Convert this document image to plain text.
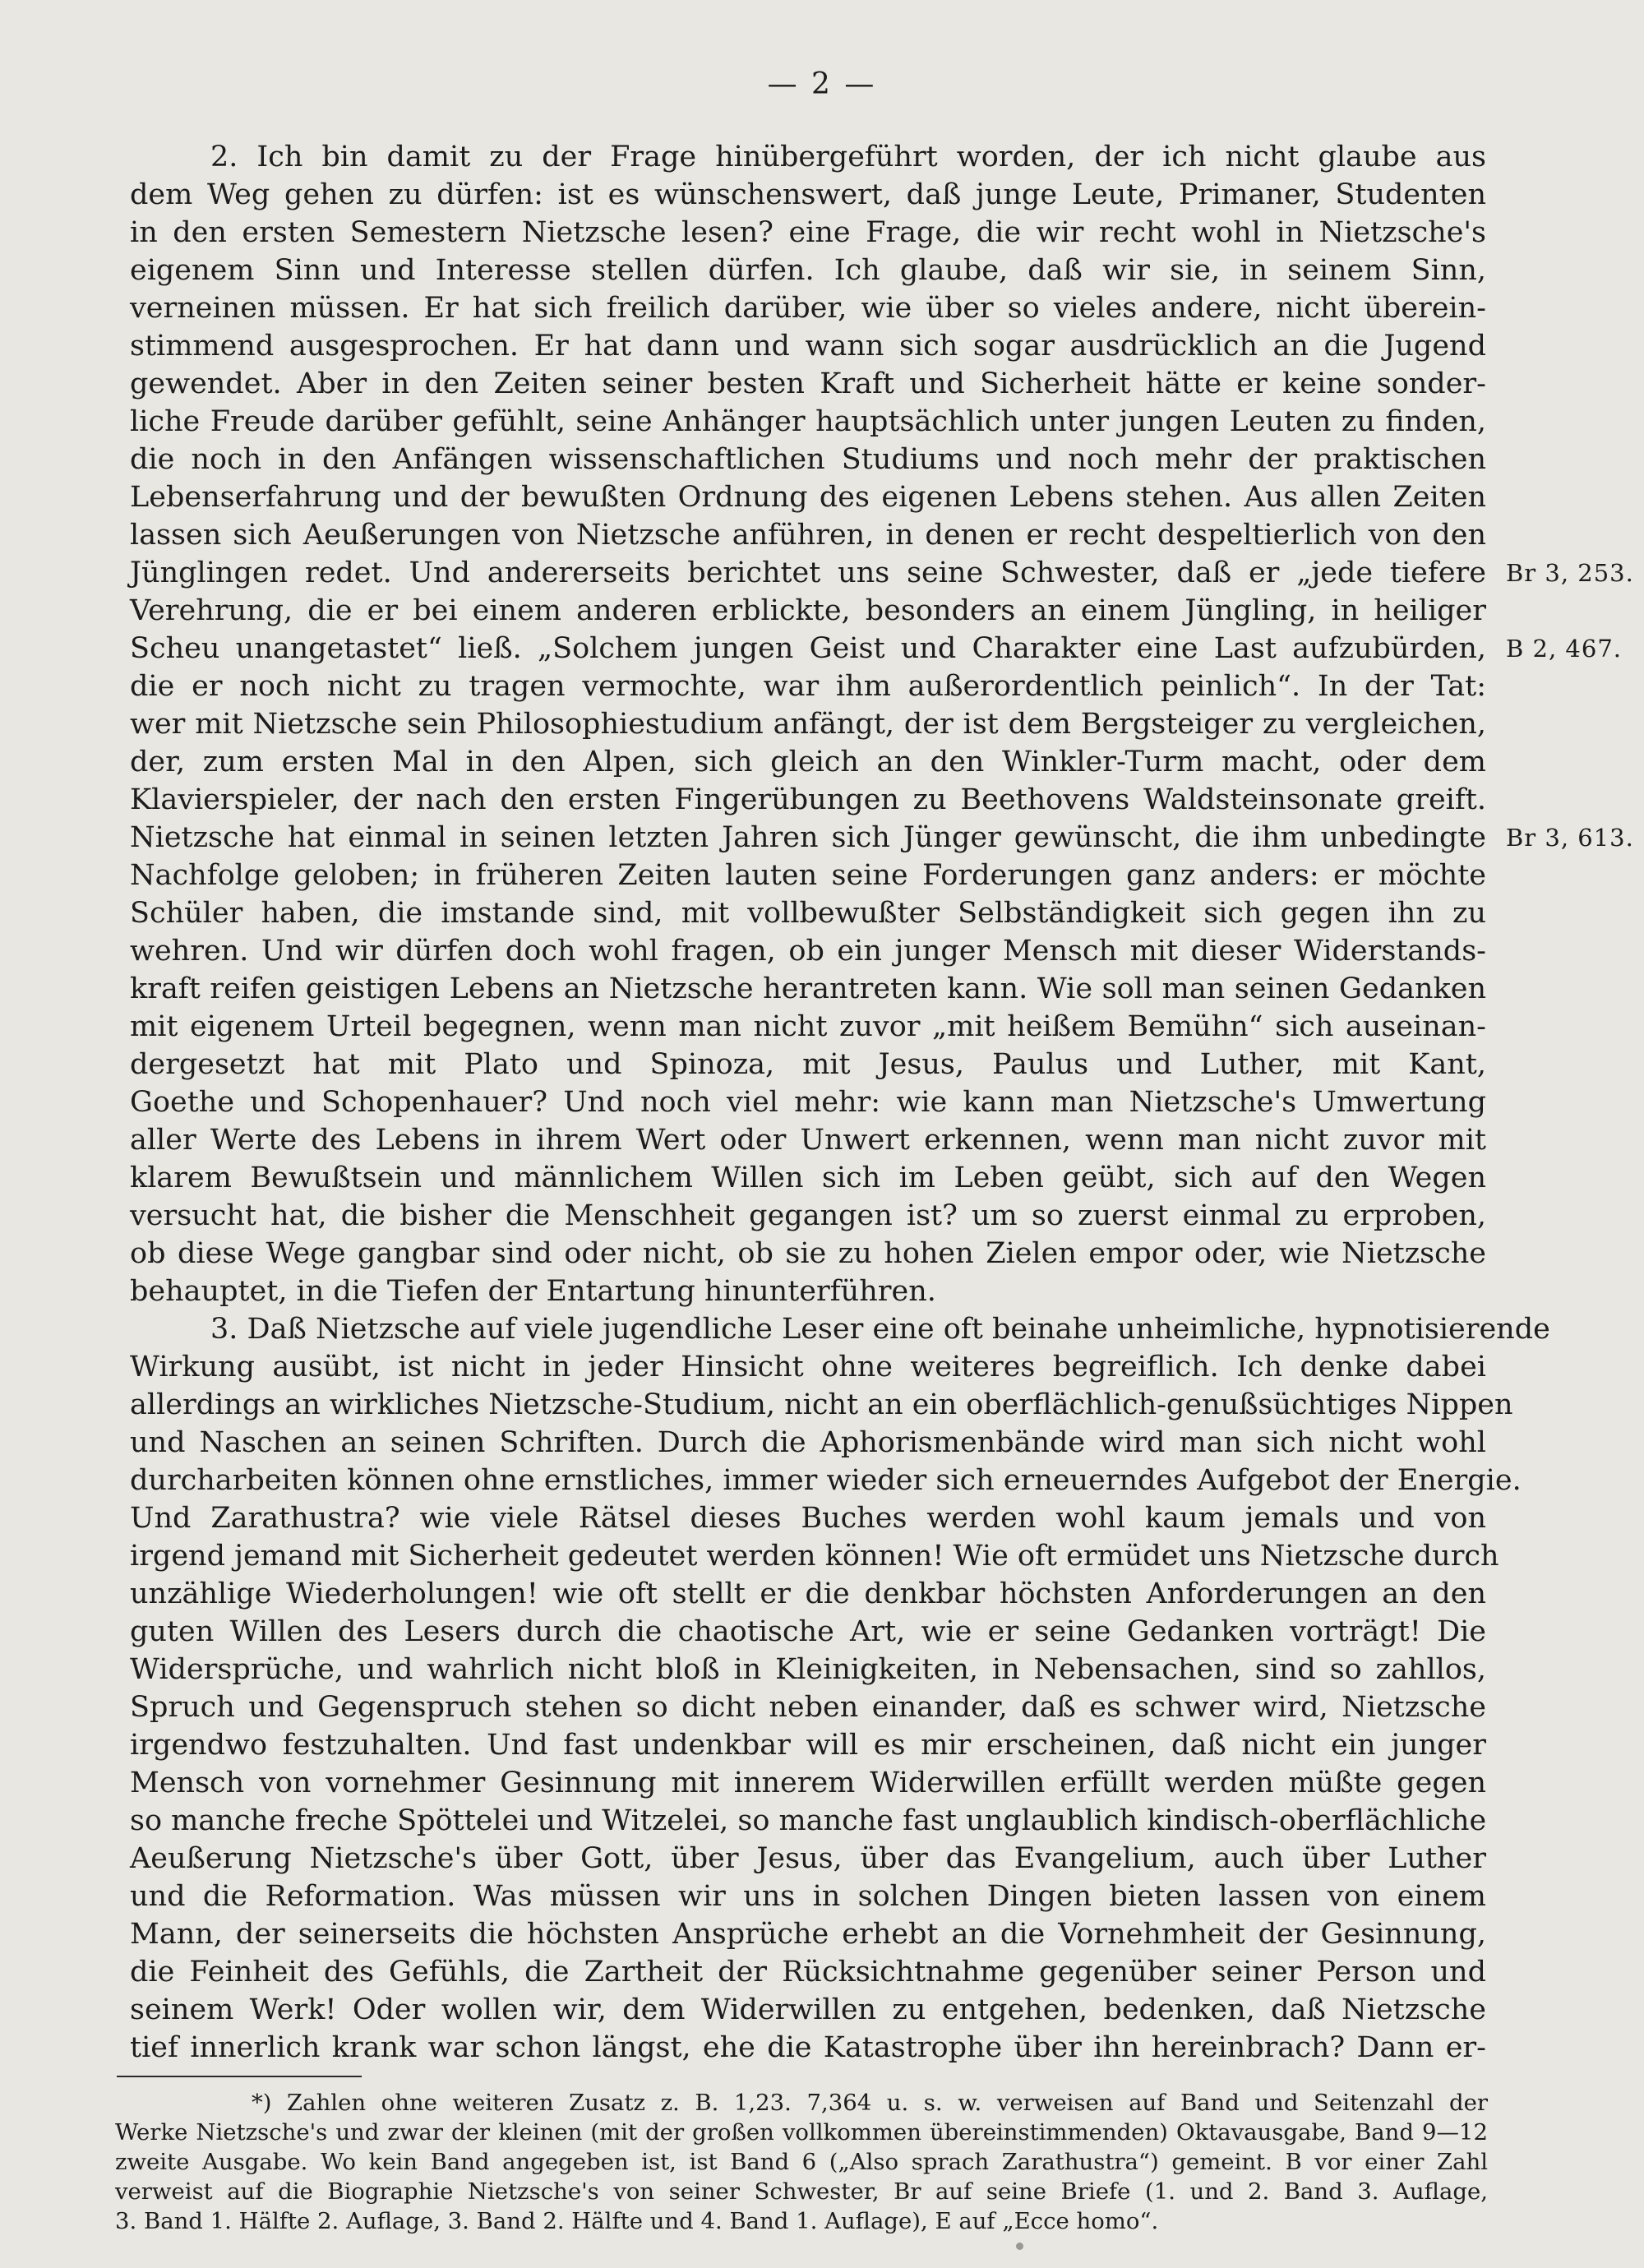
— 2 —
2. Ich bin damit zu der Frage hinübergeführt worden, der ich nicht glaube aus
dem Weg gehen zu dürfen: ist es wünschenswert, daß junge Leute, Primaner, Studenten
in den ersten Semestern Nietzsche lesen? eine Frage, die wir recht wohl in Nietzsche's
eigenem Sinn und Interesse stellen dürfen. Ich glaube, daß wir sie, in seinem Sinn,
verneinen müssen. Er hat sich freilich darüber, wie über so vieles andere, nicht überein-
stimmend ausgesprochen. Er hat dann und wann sich sogar ausdrücklich an die Jugend
gewendet. Aber in den Zeiten seiner besten Kraft und Sicherheit hätte er keine sonder-
liche Freude darüber gefühlt, seine Anhänger hauptsächlich unter jungen Leuten zu finden,
die noch in den Anfängen wissenschaftlichen Studiums und noch mehr der praktischen
Lebenserfahrung und der bewußten Ordnung des eigenen Lebens stehen. Aus allen Zeiten
lassen sich Aeußerungen von Nietzsche anführen, in denen er recht despeltierlich von den
Jünglingen redet. Und andererseits berichtet uns seine Schwester, daß er „jede tiefere
Verehrung, die er bei einem anderen erblickte, besonders an einem Jüngling, in heiliger
Scheu unangetastet“ ließ. „Solchem jungen Geist und Charakter eine Last aufzubürden,
die er noch nicht zu tragen vermochte, war ihm außerordentlich peinlich“. In der Tat:
wer mit Nietzsche sein Philosophiestudium anfängt, der ist dem Bergsteiger zu vergleichen,
der, zum ersten Mal in den Alpen, sich gleich an den Winkler-Turm macht, oder dem
Klavierspieler, der nach den ersten Fingerübungen zu Beethovens Waldsteinsonate greift.
Nietzsche hat einmal in seinen letzten Jahren sich Jünger gewünscht, die ihm unbedingte
Nachfolge geloben; in früheren Zeiten lauten seine Forderungen ganz anders: er möchte
Schüler haben, die imstande sind, mit vollbewußter Selbständigkeit sich gegen ihn zu
wehren. Und wir dürfen doch wohl fragen, ob ein junger Mensch mit dieser Widerstands-
kraft reifen geistigen Lebens an Nietzsche herantreten kann. Wie soll man seinen Gedanken
mit eigenem Urteil begegnen, wenn man nicht zuvor „mit heißem Bemühn“ sich auseinan-
dergesetzt hat mit Plato und Spinoza, mit Jesus, Paulus und Luther, mit Kant,
Goethe und Schopenhauer? Und noch viel mehr: wie kann man Nietzsche's Umwertung
aller Werte des Lebens in ihrem Wert oder Unwert erkennen, wenn man nicht zuvor mit
klarem Bewußtsein und männlichem Willen sich im Leben geübt, sich auf den Wegen
versucht hat, die bisher die Menschheit gegangen ist? um so zuerst einmal zu erproben,
ob diese Wege gangbar sind oder nicht, ob sie zu hohen Zielen empor oder, wie Nietzsche
behauptet, in die Tiefen der Entartung hinunterführen.
3. Daß Nietzsche auf viele jugendliche Leser eine oft beinahe unheimliche, hypnotisierende
Wirkung ausübt, ist nicht in jeder Hinsicht ohne weiteres begreiflich. Ich denke dabei
allerdings an wirkliches Nietzsche-Studium, nicht an ein oberflächlich-genußsüchtiges Nippen
und Naschen an seinen Schriften. Durch die Aphorismenbände wird man sich nicht wohl
durcharbeiten können ohne ernstliches, immer wieder sich erneuerndes Aufgebot der Energie.
Und Zarathustra? wie viele Rätsel dieses Buches werden wohl kaum jemals und von
irgend jemand mit Sicherheit gedeutet werden können! Wie oft ermüdet uns Nietzsche durch
unzählige Wiederholungen! wie oft stellt er die denkbar höchsten Anforderungen an den
guten Willen des Lesers durch die chaotische Art, wie er seine Gedanken vorträgt! Die
Widersprüche, und wahrlich nicht bloß in Kleinigkeiten, in Nebensachen, sind so zahllos,
Spruch und Gegenspruch stehen so dicht neben einander, daß es schwer wird, Nietzsche
irgendwo festzuhalten. Und fast undenkbar will es mir erscheinen, daß nicht ein junger
Mensch von vornehmer Gesinnung mit innerem Widerwillen erfüllt werden müßte gegen
so manche freche Spöttelei und Witzelei, so manche fast unglaublich kindisch-oberflächliche
Aeußerung Nietzsche's über Gott, über Jesus, über das Evangelium, auch über Luther
und die Reformation. Was müssen wir uns in solchen Dingen bieten lassen von einem
Mann, der seinerseits die höchsten Ansprüche erhebt an die Vornehmheit der Gesinnung,
die Feinheit des Gefühls, die Zartheit der Rücksichtnahme gegenüber seiner Person und
seinem Werk! Oder wollen wir, dem Widerwillen zu entgehen, bedenken, daß Nietzsche
tief innerlich krank war schon längst, ehe die Katastrophe über ihn hereinbrach? Dann er-
Br 3, 253.
B 2, 467.
Br 3, 613.
*) Zahlen ohne weiteren Zusatz z. B. 1,23. 7,364 u. s. w. verweisen auf Band und Seitenzahl der
Werke Nietzsche's und zwar der kleinen (mit der großen vollkommen übereinstimmenden) Oktavausgabe, Band 9—12
zweite Ausgabe. Wo kein Band angegeben ist, ist Band 6 („Also sprach Zarathustra“) gemeint. B vor einer Zahl
verweist auf die Biographie Nietzsche's von seiner Schwester, Br auf seine Briefe (1. und 2. Band 3. Auflage,
3. Band 1. Hälfte 2. Auflage, 3. Band 2. Hälfte und 4. Band 1. Auflage), E auf „Ecce homo“.
